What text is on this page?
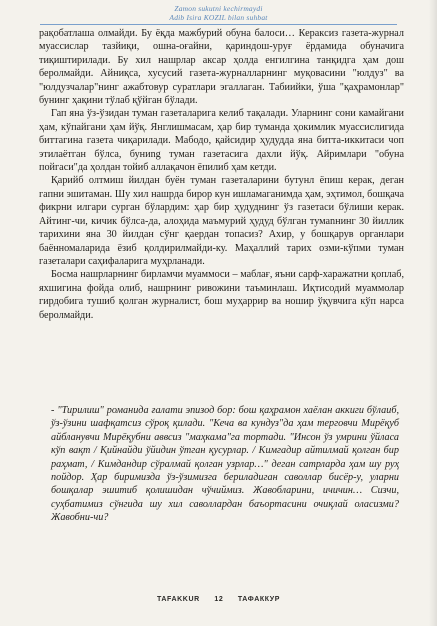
Zamon sukutni kechirmaydi
Adib Isira KOZIL bilan suhbat

рақобатлаша олмайди. Бу ёқда мажбурий обуна балоси… Керакcиз газета-журнал муассислар тазйиқи, ошна-оғайни, қариндош-уруғ ёрдамида обуначига тиқиштирилади. Бу хил нашрлар аксар ҳолда енгилгина танқидга ҳам дош беролмайди. Айниқса, хусусий газета-журналларнинг муқовасини "юлдуз" ва "юлдузчалар"нинг ажабтовур суратлари эгаллаган. Табиийки, ўша "қаҳрамонлар" бунинг ҳақини тўлаб қўйган бўлади.

Гап яна ўз-ўзидан туман газеталарига келиб тақалади. Уларнинг сони камайгани ҳам, кўпайгани ҳам йўқ. Янглишмасам, ҳар бир туманда ҳокимлик муассислигида биттагина газета чиқарилади. Мабодо, қайсидир ҳудудда яна битта-иккитаси чоп этилаётган бўлса, буниng туман газетасига дахли йўқ. Айримлари "обуна пойгаси"да ҳолдан тойиб аллақачон ёпилиб ҳам кетди.

Қарийб олтмиш йилдан буён туман газеталарини бутунл ёпиш керак, деган гапни эшитаман. Шу хил нашрда бирор кун ишламаганимда ҳам, эҳтимол, бошқача фикрни илгари сурган бўлардим: ҳар бир ҳудуднинг ўз газетаси бўлиши керак. Айтинг-чи, кичик бўлса-да, алоҳида маъмурий ҳудуд бўлган тумаnнинг 30 йиллик тарихини яна 30 йилдан сўнг қаердан топасиз? Ахир, у бошқарув органлари баённомаларида ёзиб қолдирилмайди-ку. Маҳаллий тарих озми-кўпми туман газеталари саҳифаларига муҳрланади.

Босма нашрларнинг бирламчи муаммоси – маблағ, яъни сарф-харажатни қоплаб, яхшигина фойда олиб, нашрнинг ривожини таъминлаш. Иқтисодий муаммолар гирдобига тушиб қолган журналист, бош муҳаррир ва ношир ўқувчига кўп нарса беролмайди.

- "Тирилиш" романида ғалати эпизод бор: бош қаҳрамон хаёлан аккиги бўлаиб, ўз-ўзини шафқатсиз сўроқ қилади. "Кеча ва кундуз"да ҳам терговчи Мирёқуб айбланувчи Мирёқубни аввсиз "маҳкама"га тортади. "Инсон ўз умрини ўйласа кўп вақт / Қийнайди ўйидин ўтган қусурлар. / Кимгадир айтилмай қолган бир раҳмат, / Кимдандир сўралмай қолган узрлар…" деган сатрларда ҳам шу руҳ пойдор. Ҳар биримизда ўз-ўзимизга бериладиган саволлар бисёр-у, уларни бошқалар эшитиб қолишидан чўчиймиз. Жавобларини, ичuчин… Сизчи, суҳбатимиз сўнгида шу хил саволлардан баъортасини очиқлай оласизми? Жавобни-чи?
TAFAKKUR 12 ТАФАККУР
